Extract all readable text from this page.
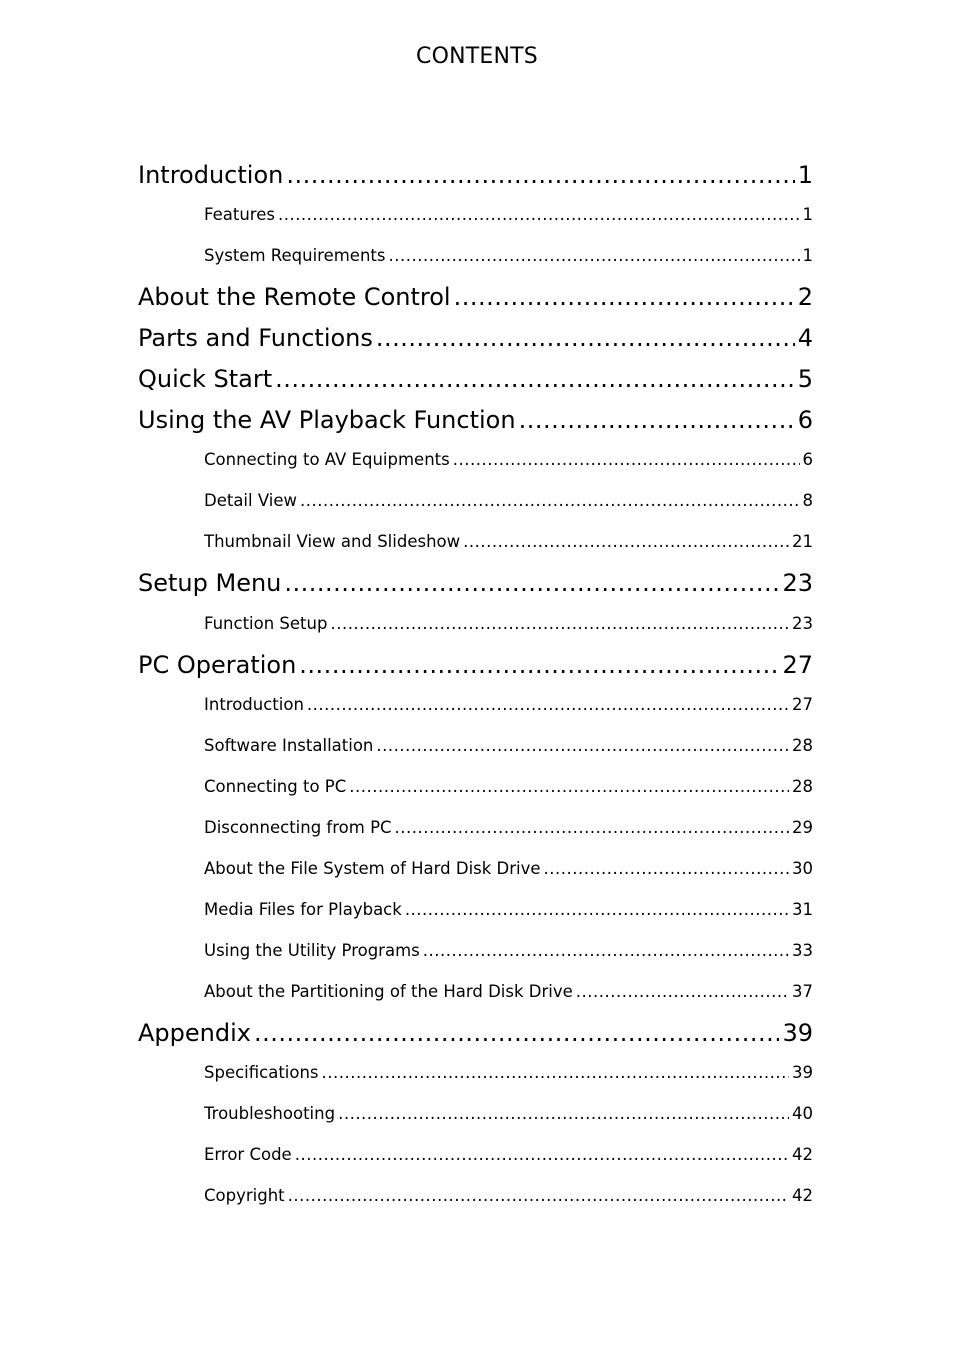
CONTENTS
Introduction .....	1
Features .....	1
System Requirements .....	1
About the Remote Control .....	2
Parts and Functions .....	4
Quick Start .....	5
Using the AV Playback Function .....	6
Connecting to AV Equipments .....	6
Detail View .....	8
Thumbnail View and Slideshow .....	21
Setup Menu .....	23
Function Setup .....	23
PC Operation .....	27
Introduction .....	27
Software Installation .....	28
Connecting to PC .....	28
Disconnecting from PC .....	29
About the File System of Hard Disk Drive .....	30
Media Files for Playback .....	31
Using the Utility Programs .....	33
About the Partitioning of the Hard Disk Drive .....	37
Appendix .....	39
Specifications .....	39
Troubleshooting .....	40
Error Code .....	42
Copyright .....	42
